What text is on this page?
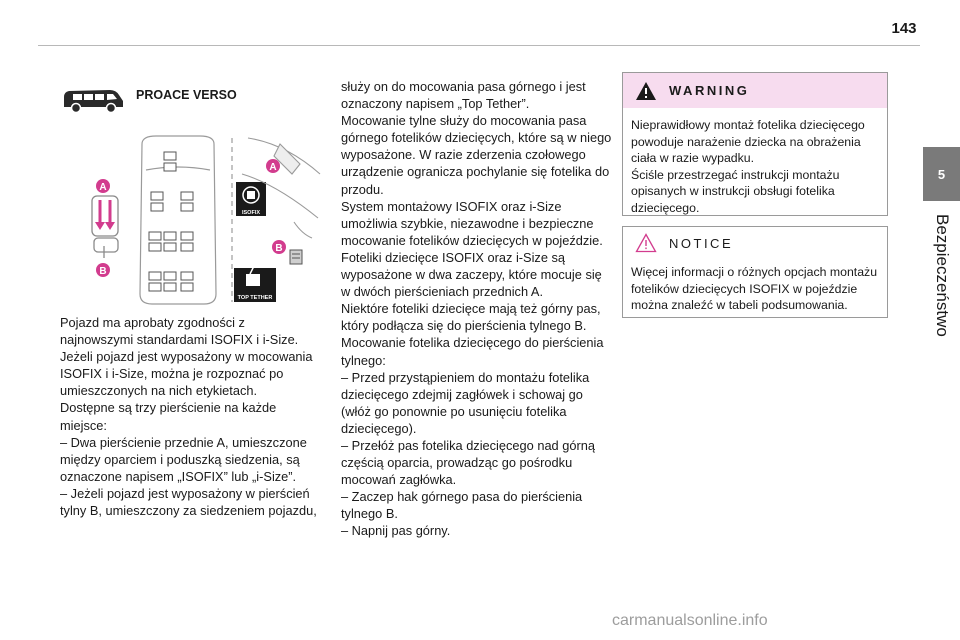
143
5
Bezpieczeństwo
PROACE VERSO
A
B
ISOFIX
TOP TETHER
A
B

Pojazd ma aprobaty zgodności z najnowszymi standardami ISOFIX i i-Size.

Jeżeli pojazd jest wyposażony w mocowania ISOFIX i i-Size, można je rozpoznać po umieszczonych na nich etykietach.

Dostępne są trzy pierścienie na każde miejsce:

– Dwa pierścienie przednie A, umieszczone między oparciem i poduszką siedzenia, są oznaczone napisem „ISOFIX” lub „i-Size”.

– Jeżeli pojazd jest wyposażony w pierścień tylny B, umieszczony za siedzeniem pojazdu,

służy on do mocowania pasa górnego i jest oznaczony napisem „Top Tether”.

Mocowanie tylne służy do mocowania pasa górnego fotelików dziecięcych, które są w niego wyposażone. W razie zderzenia czołowego urządzenie ogranicza pochylanie się fotelika do przodu.

System montażowy ISOFIX oraz i-Size umożliwia szybkie, niezawodne i bezpieczne mocowanie fotelików dziecięcych w pojeździe.

Foteliki dziecięce ISOFIX oraz i-Size są wyposażone w dwa zaczepy, które mocuje się w dwóch pierścieniach przednich A.

Niektóre foteliki dziecięce mają też górny pas, który podłącza się do pierścienia tylnego B.

Mocowanie fotelika dziecięcego do pierścienia tylnego:

– Przed przystąpieniem do montażu fotelika dziecięcego zdejmij zagłówek i schowaj go (włóż go ponownie po usunięciu fotelika dziecięcego).

– Przełóż pas fotelika dziecięcego nad górną częścią oparcia, prowadząc go pośrodku mocowań zagłówka.

– Zaczep hak górnego pasa do pierścienia tylnego B.

– Napnij pas górny.

WARNING

Nieprawidłowy montaż fotelika dziecięcego powoduje narażenie dziecka na obrażenia ciała w razie wypadku.

Ściśle przestrzegać instrukcji montażu opisanych w instrukcji obsługi fotelika dziecięcego.

NOTICE

Więcej informacji o różnych opcjach montażu fotelików dziecięcych ISOFIX w pojeździe można znaleźć w tabeli podsumowania.

carmanualsonline.info
